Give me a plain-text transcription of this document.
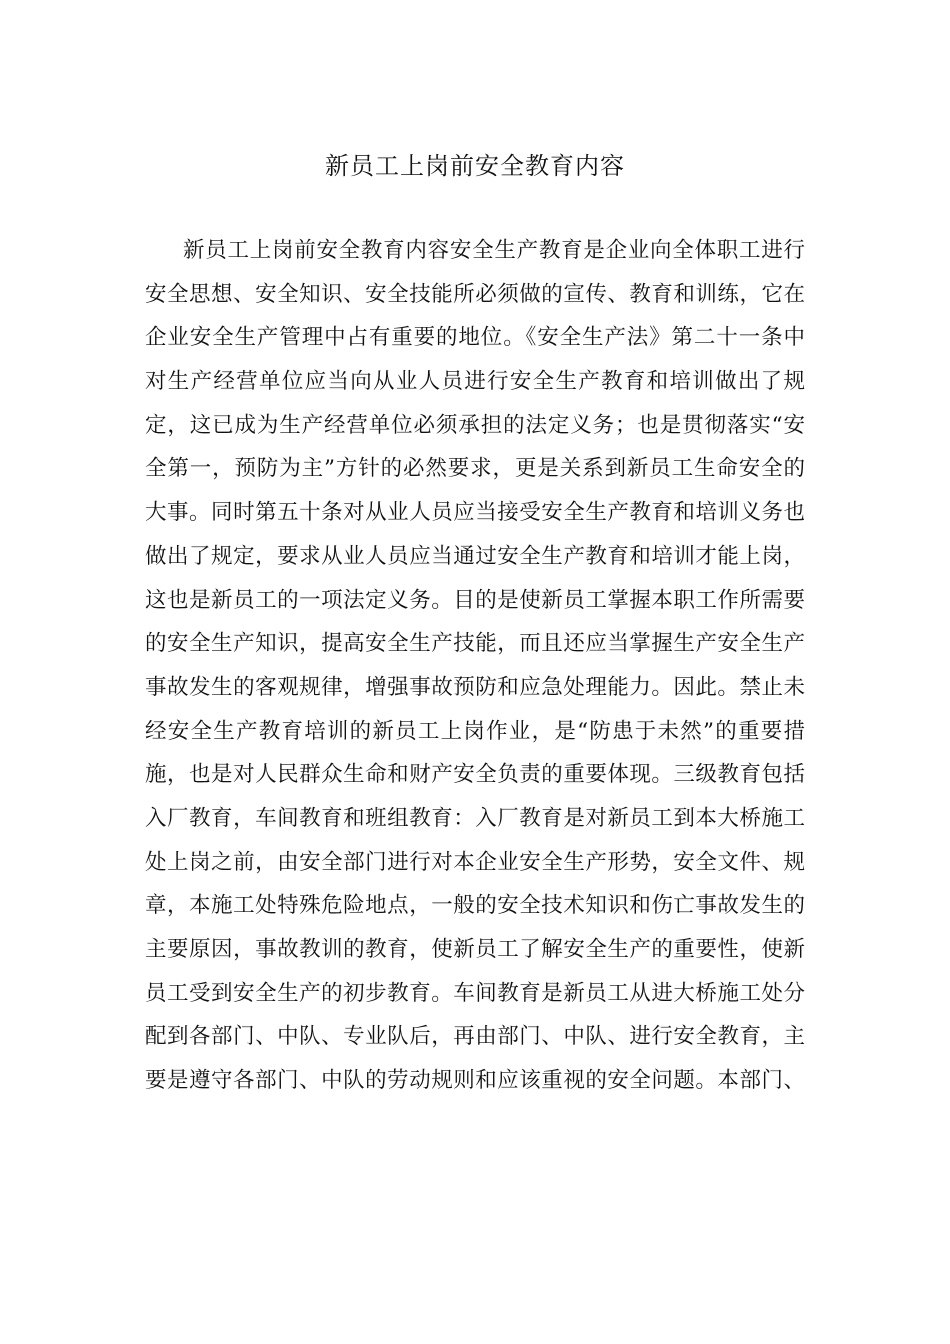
新员工上岗前安全教育内容
新员工上岗前安全教育内容安全生产教育是企业向全体职工进行
安全思想、安全知识、安全技能所必须做的宣传、教育和训练，它在
企业安全生产管理中占有重要的地位。《安全生产法》第二十一条中
对生产经营单位应当向从业人员进行安全生产教育和培训做出了规
定，这已成为生产经营单位必须承担的法定义务；也是贯彻落实“安
全第一，预防为主”方针的必然要求，更是关系到新员工生命安全的
大事。同时第五十条对从业人员应当接受安全生产教育和培训义务也
做出了规定，要求从业人员应当通过安全生产教育和培训才能上岗，
这也是新员工的一项法定义务。目的是使新员工掌握本职工作所需要
的安全生产知识，提高安全生产技能，而且还应当掌握生产安全生产
事故发生的客观规律，增强事故预防和应急处理能力。因此。禁止未
经安全生产教育培训的新员工上岗作业，是“防患于未然”的重要措
施，也是对人民群众生命和财产安全负责的重要体现。三级教育包括
入厂教育，车间教育和班组教育：入厂教育是对新员工到本大桥施工
处上岗之前，由安全部门进行对本企业安全生产形势，安全文件、规
章，本施工处特殊危险地点，一般的安全技术知识和伤亡事故发生的
主要原因，事故教训的教育，使新员工了解安全生产的重要性，使新
员工受到安全生产的初步教育。车间教育是新员工从进大桥施工处分
配到各部门、中队、专业队后，再由部门、中队、进行安全教育，主
要是遵守各部门、中队的劳动规则和应该重视的安全问题。本部门、
